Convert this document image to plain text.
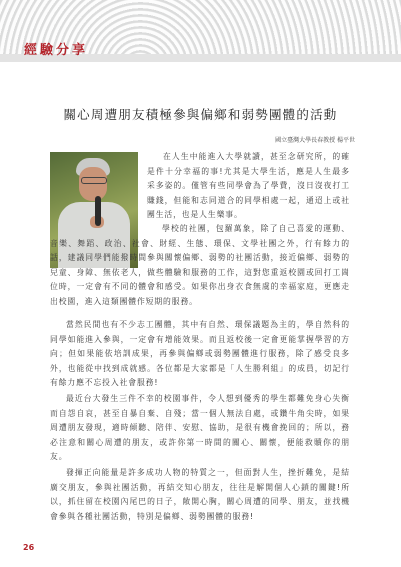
經驗分享
關心周遭朋友積極參與偏鄉和弱勢團體的活動
國立臺灣大學長春教授 楊平世

在人生中能進入大學就讀，甚至念研究所，的確是件十分幸福的事!尤其是大學生活，應是人生最多采多姿的。僅管有些同學會為了學費，沒日沒夜打工賺錢，但能和志同道合的同學相處一起，通迢上或社團生活，也是人生樂事。

學校的社團，包羅萬象，除了自己喜愛的運動、音樂、舞蹈、政治、社會、財經、生態、環保、文學社團之外，行有餘力的話，建議同學們能撥時間參與關懷偏鄉、弱勢的社團活動，接近偏鄉、弱勢的兒童、身障、無依老人，做些體驗和服務的工作，這對您重返校園或回打工崗位時，一定會有不同的體會和感受。如果你出身衣食無虞的幸福家庭，更應走出校園，進入這類團體作短期的服務。

當然民間也有不少志工團體，其中有自然、環保議題為主的，學自然科的同學如能進入參與，一定會有增能效果。而且返校後一定會更能掌握學習的方向；但如果能依培訓成果，再參與偏鄉或弱勢團體進行服務，除了感受良多外，也能從中找到成就感。各位都是大家都是「人生勝利組」的成員，切記行有餘力應不忘投入社會服務!

最近台大發生三件不幸的校園事件，令人想到優秀的學生都難免身心失衡而自怨自哀，甚至自暴自棄、自殘；當一個人無法自處，或鑽牛角尖時，如果周遭朋友發現，適時傾聽、陪伴、安慰、協助，是很有機會挽回的；所以，務必注意和關心周遭的朋友，或許你第一時間的關心、關懷，便能救贖你的朋友。

發揮正向能量是許多成功人物的特質之一，但面對人生，挫折難免，是結廣交朋友，參與社團活動，再結交知心朋友，往往是解開個人心鎖的關鍵!所以，抓住留在校園內尾巴的日子，敞開心胸，關心周遭的同學、朋友，並找機會參與各種社團活動，特別是偏鄉、弱勢團體的服務!

26
